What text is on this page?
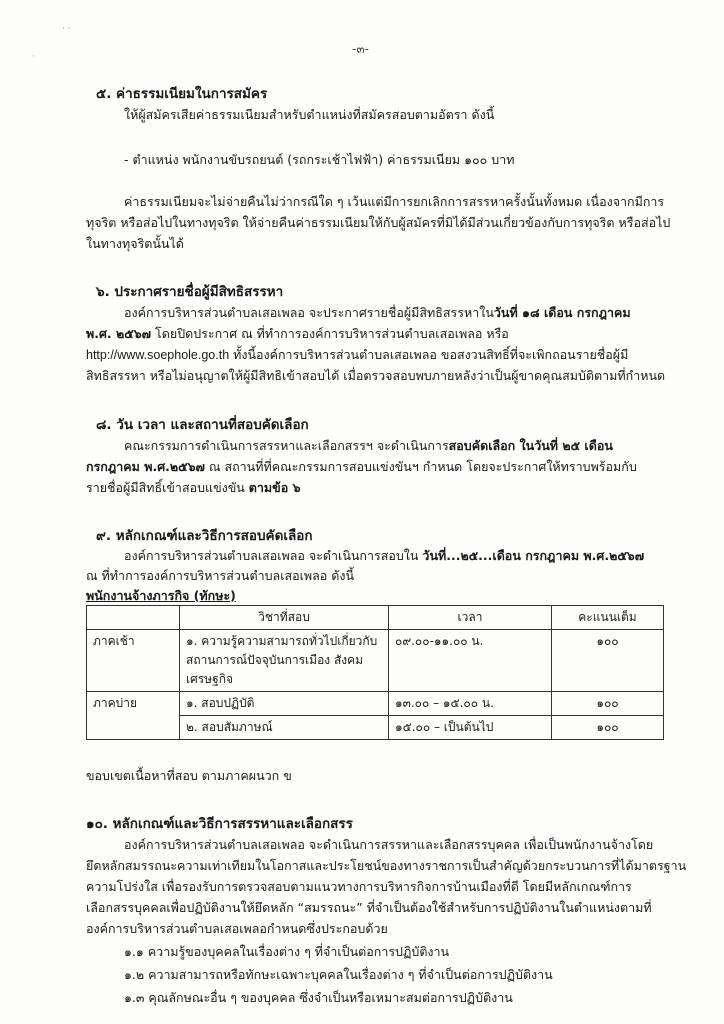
· ·
·
-๓-
๕. ค่าธรรมเนียมในการสมัคร
ให้ผู้สมัครเสียค่าธรรมเนียมสำหรับตำแหน่งที่สมัครสอบตามอัตรา ดังนี้
- ตำแหน่ง พนักงานขับรถยนต์ (รถกระเช้าไฟฟ้า) ค่าธรรมเนียม ๑๐๐ บาท
ค่าธรรมเนียมจะไม่จ่ายคืนไม่ว่ากรณีใด ๆ เว้นแต่มีการยกเลิกการสรรหาครั้งนั้นทั้งหมด เนื่องจากมีการ
ทุจริต หรือส่อไปในทางทุจริต ให้จ่ายคืนค่าธรรมเนียมให้กับผู้สมัครที่มิได้มีส่วนเกี่ยวข้องกับการทุจริต หรือส่อไป
ในทางทุจริตนั้นได้
๖. ประกาศรายชื่อผู้มีสิทธิสรรหา
องค์การบริหารส่วนตำบลเสอเพลอ จะประกาศรายชื่อผู้มีสิทธิสรรหาในวันที่ ๑๘ เดือน กรกฎาคม
พ.ศ. ๒๕๖๗ โดยปิดประกาศ ณ ที่ทำการองค์การบริหารส่วนตำบลเสอเพลอ หรือ
http://www.soephole.go.th ทั้งนี้องค์การบริหารส่วนตำบลเสอเพลอ ขอสงวนสิทธิ์ที่จะเพิกถอนรายชื่อผู้มี
สิทธิสรรหา หรือไม่อนุญาตให้ผู้มีสิทธิเข้าสอบได้ เมื่อตรวจสอบพบภายหลังว่าเป็นผู้ขาดคุณสมบัติตามที่กำหนด
๘. วัน เวลา และสถานที่สอบคัดเลือก
คณะกรรมการดำเนินการสรรหาและเลือกสรรฯ จะดำเนินการสอบคัดเลือก ในวันที่ ๒๕ เดือน
กรกฎาคม พ.ศ.๒๕๖๗ ณ สถานที่ที่คณะกรรมการสอบแข่งขันฯ กำหนด โดยจะประกาศให้ทราบพร้อมกับ
รายชื่อผู้มีสิทธิ์เข้าสอบแข่งขัน ตามข้อ ๖
๙. หลักเกณฑ์และวิธีการสอบคัดเลือก
องค์การบริหารส่วนตำบลเสอเพลอ จะดำเนินการสอบใน วันที่...๒๕...เดือน กรกฎาคม พ.ศ.๒๕๖๗
ณ ที่ทำการองค์การบริหารส่วนตำบลเสอเพลอ ดังนี้
พนักงานจ้างภารกิจ (ทักษะ)
	วิชาที่สอบ	เวลา	คะแนนเต็ม
ภาคเช้า	๑. ความรู้ความสามารถทั่วไปเกี่ยวกับ
สถานการณ์ปัจจุบันการเมือง สังคม
เศรษฐกิจ	๐๙.๐๐-๑๑.๐๐ น.	๑๐๐
ภาคบ่าย	๑. สอบปฏิบัติ	๑๓.๐๐ – ๑๕.๐๐ น.	๑๐๐
	๒. สอบสัมภาษณ์	๑๕.๐๐ – เป็นต้นไป	๑๐๐
ขอบเขตเนื้อหาที่สอบ ตามภาคผนวก ข
๑๐. หลักเกณฑ์และวิธีการสรรหาและเลือกสรร
องค์การบริหารส่วนตำบลเสอเพลอ จะดำเนินการสรรหาและเลือกสรรบุคคล เพื่อเป็นพนักงานจ้างโดย
ยึดหลักสมรรถนะความเท่าเทียมในโอกาสและประโยชน์ของทางราชการเป็นสำคัญด้วยกระบวนการที่ได้มาตรฐาน
ความโปร่งใส เพื่อรองรับการตรวจสอบตามแนวทางการบริหารกิจการบ้านเมืองที่ดี โดยมีหลักเกณฑ์การ
เลือกสรรบุคคลเพื่อปฏิบัติงานให้ยึดหลัก “สมรรถนะ” ที่จำเป็นต้องใช้สำหรับการปฏิบัติงานในตำแหน่งตามที่
องค์การบริหารส่วนตำบลเสอเพลอกำหนดซึ่งประกอบด้วย
๑.๑ ความรู้ของบุคคลในเรื่องต่าง ๆ ที่จำเป็นต่อการปฏิบัติงาน
๑.๒ ความสามารถหรือทักษะเฉพาะบุคคลในเรื่องต่าง ๆ ที่จำเป็นต่อการปฏิบัติงาน
๑.๓ คุณลักษณะอื่น ๆ ของบุคคล ซึ่งจำเป็นหรือเหมาะสมต่อการปฏิบัติงาน
